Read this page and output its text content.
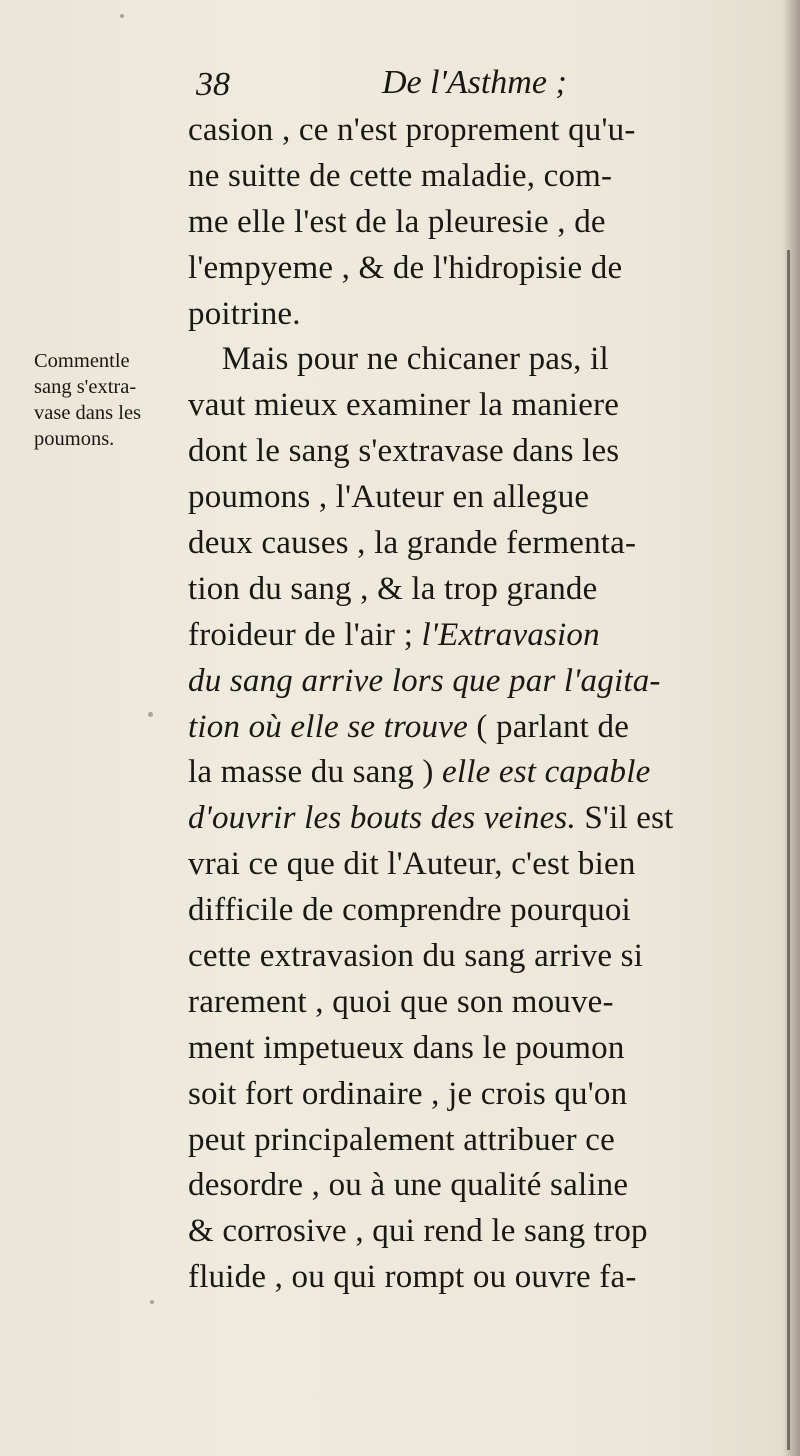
38	De l'Asthme ;
Commentle
sang s'extra-
vase dans les
poumons.
casion , ce n'est proprement qu'u-
ne suitte de cette maladie, com-
me elle l'est de la pleuresie , de
l'empyeme , & de l'hidropisie de
poitrine.
Mais pour ne chicaner pas, il
vaut mieux examiner la maniere
dont le sang s'extravase dans les
poumons , l'Auteur en allegue
deux causes , la grande fermenta-
tion du sang , & la trop grande
froideur de l'air ; l'Extravasion
du sang arrive lors que par l'agita-
tion où elle se trouve ( parlant de
la masse du sang ) elle est capable
d'ouvrir les bouts des veines. S'il est
vrai ce que dit l'Auteur, c'est bien
difficile de comprendre pourquoi
cette extravasion du sang arrive si
rarement , quoi que son mouve-
ment impetueux dans le poumon
soit fort ordinaire , je crois qu'on
peut principalement attribuer ce
desordre , ou à une qualité saline
& corrosive , qui rend le sang trop
fluide , ou qui rompt ou ouvre fa-
